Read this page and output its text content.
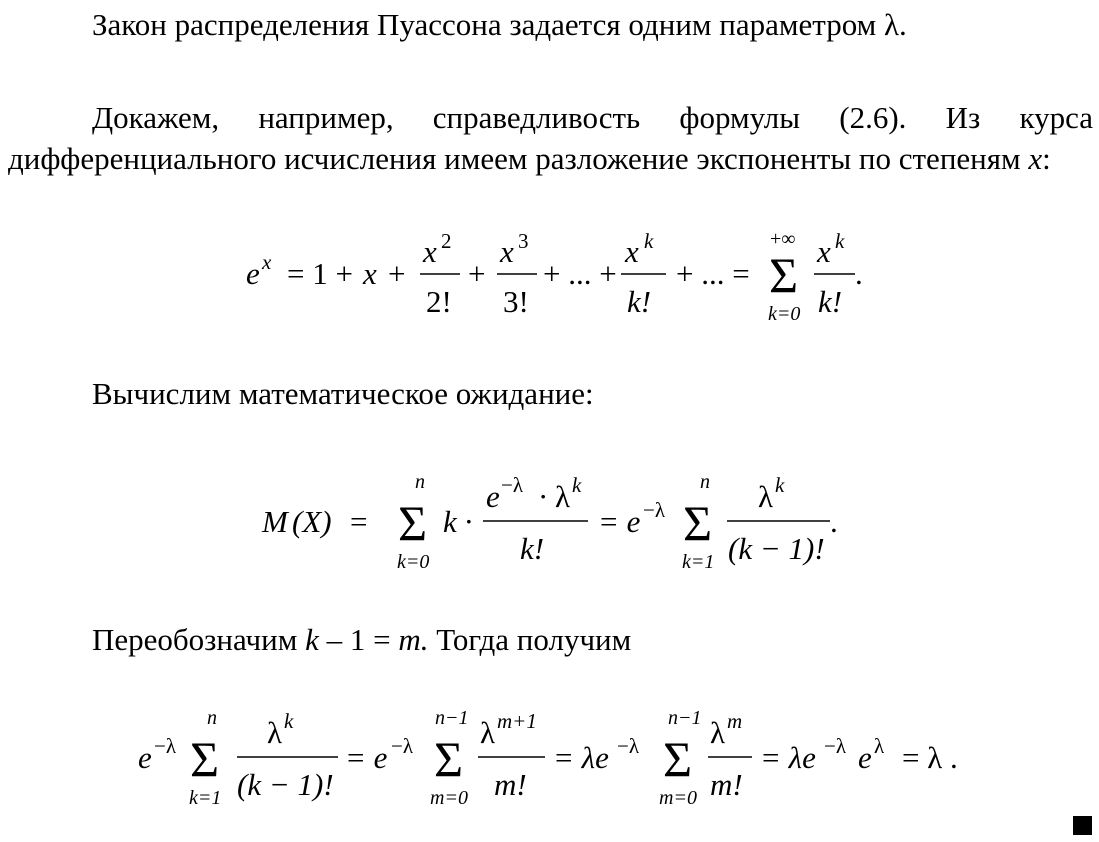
Закон распределения Пуассона задается одним параметром λ.
Докажем, например, справедливость формулы (2.6). Из курса дифференциального исчисления имеем разложение экспоненты по степеням x:
e x = 1 + x +
x 2
2!
+
x 3
3!
+ ... +
x k
k!
+ ... =
+∞
Σ
k=0
x k
k!
.
Вычислим математическое ожидание:
M (X) =
n
Σ
k=0
k ·
e −λ · λ k
k!
= e −λ
n
Σ
k=1
λ k
(k − 1)!
.
Переобозначим k – 1 = m. Тогда получим
e −λ
n
Σ
k=1
λ k
(k − 1)!
= e −λ
n−1
Σ
m=0
λ m+1
m!
= λe −λ
n−1
Σ
m=0
λ m
m!
= λe −λ e λ = λ .
